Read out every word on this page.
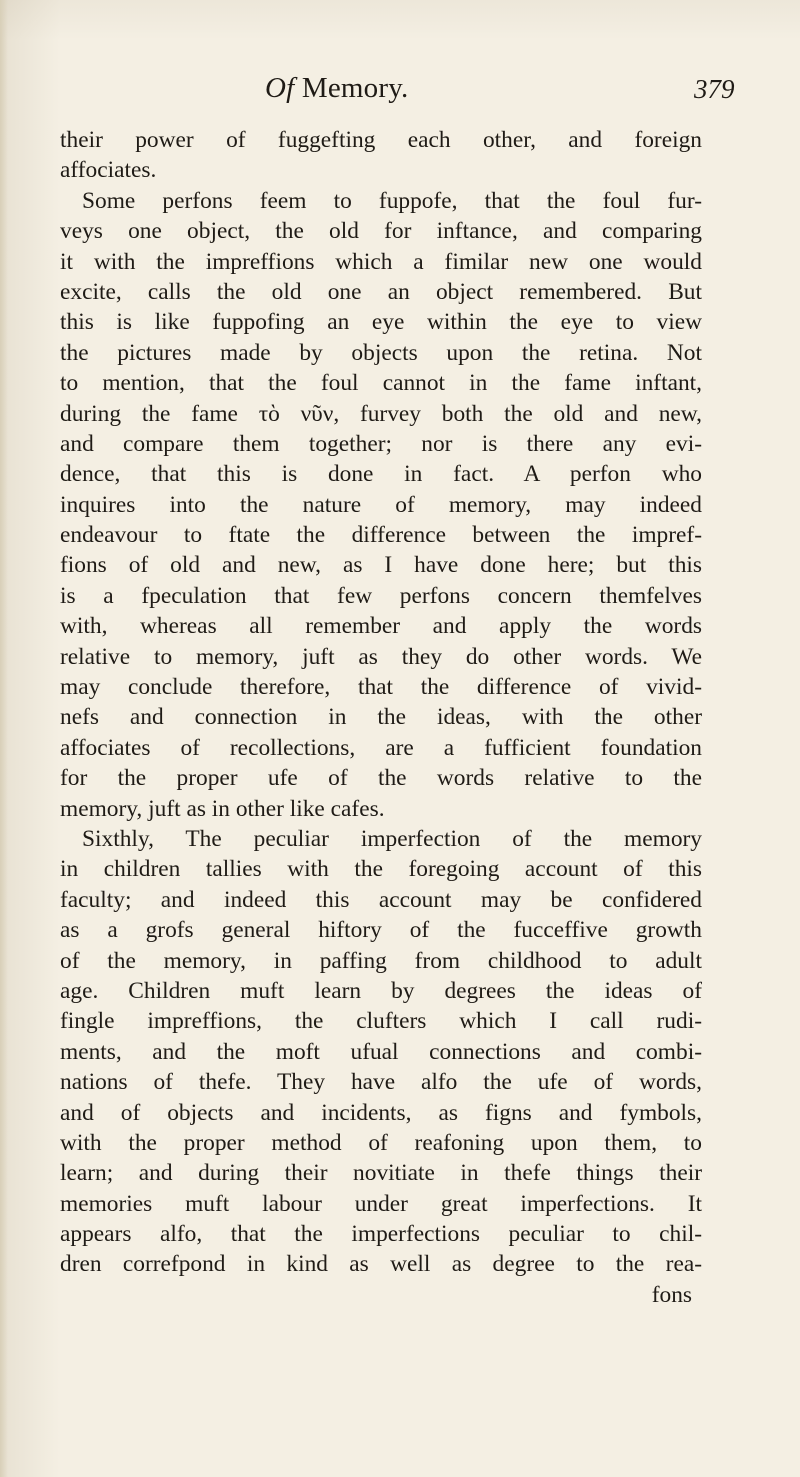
Of Memory.	379
their power of fuggefting each other, and foreign
affociates.
Some perfons feem to fuppofe, that the foul fur-
veys one object, the old for inftance, and comparing
it with the impreffions which a fimilar new one would
excite, calls the old one an object remembered. But
this is like fuppofing an eye within the eye to view
the pictures made by objects upon the retina. Not
to mention, that the foul cannot in the fame inftant,
during the fame τὸ νῦν, furvey both the old and new,
and compare them together; nor is there any evi-
dence, that this is done in fact. A perfon who
inquires into the nature of memory, may indeed
endeavour to ftate the difference between the impref-
fions of old and new, as I have done here; but this
is a fpeculation that few perfons concern themfelves
with, whereas all remember and apply the words
relative to memory, juft as they do other words. We
may conclude therefore, that the difference of vivid-
nefs and connection in the ideas, with the other
affociates of recollections, are a fufficient foundation
for the proper ufe of the words relative to the
memory, juft as in other like cafes.
Sixthly, The peculiar imperfection of the memory
in children tallies with the foregoing account of this
faculty; and indeed this account may be confidered
as a grofs general hiftory of the fucceffive growth
of the memory, in paffing from childhood to adult
age. Children muft learn by degrees the ideas of
fingle impreffions, the clufters which I call rudi-
ments, and the moft ufual connections and combi-
nations of thefe. They have alfo the ufe of words,
and of objects and incidents, as figns and fymbols,
with the proper method of reafoning upon them, to
learn; and during their novitiate in thefe things their
memories muft labour under great imperfections. It
appears alfo, that the imperfections peculiar to chil-
dren correfpond in kind as well as degree to the rea-
fons
